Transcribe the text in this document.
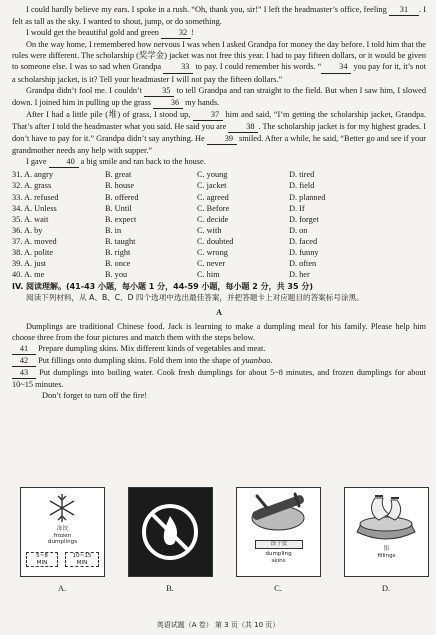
I could hardly believe my ears. I spoke in a rush. “Oh, thank you, sir!” I left the headmaster’s office, feeling 31 . I felt as tall as the sky. I wanted to shout, jump, or do something.

I would get the beautiful gold and green 32 !

On the way home, I remembered how nervous I was when I asked Grandpa for money the day before. I told him that the rules were different. The scholarship (奖学金) jacket was not free this year. I had to pay fifteen dollars, or it would be given to someone else. I was so sad when Grandpa 33 to pay. I could remember his words. “ 34 you pay for it, it’s not a scholarship jacket, is it? Tell your headmaster I will not pay the fifteen dollars.”

Grandpa didn’t fool me. I couldn’t 35 to tell Grandpa and ran straight to the field. But when I saw him, I slowed down. I joined him in pulling up the grass 36 my hands.

After I had a little pile (堆) of grass, I stood up, 37 him and said, “I’m getting the scholarship jacket, Grandpa. That’s after I told the headmaster what you said. He said you are 38 . The scholarship jacket is for my highest grades. I don’t have to pay for it.” Grandpa didn’t say anything. He 39 smiled. After a while, he said, “Better go and see if your grandmother needs any help with supper.”

I gave 40 a big smile and ran back to the house.

31. A. angry	B. great	C. young	D. tired
32. A. grass	B. house	C. jacket	D. field
33. A. refused	B. offered	C. agreed	D. planned
34. A. Unless	B. Until	C. Before	D. If
35. A. wait	B. expect	C. decide	D. forget
36. A. by	B. in	C. with	D. on
37. A. moved	B. taught	C. doubted	D. faced
38. A. polite	B. right	C. wrong	D. funny
39. A. just	B. once	C. never	D. often
40. A. me	B. you	C. him	D. her

IV. 阅读理解。(41-43 小题，每小题 1 分，44-59 小题，每小题 2 分，共 35 分)

阅读下列材料，从 A、B、C、D 四个选项中选出最佳答案，并把答题卡上对应题目的答案标号涂黑。

A

Dumplings are traditional Chinese food. Jack is learning to make a dumpling meal for his family. Please help him choose three from the four pictures and match them with the steps below.

41 Prepare dumpling skins. Mix different kinds of vegetables and meat.

42 Put fillings onto dumpling skins. Fold them into the shape of yuanbao.

43 Put dumplings into boiling water. Cook fresh dumplings for about 5~8 minutes, and frozen dumplings for about 10~15 minutes.

Don’t forget to turn off the fire!

冻饺
frozen
dumplings
5~8
MIN
10~15
MIN
饺子皮
dumpling
skins
馅
fillings
A.	B.	C.	D.
英语试题（A 卷） 第 3 页（共 10 页）
